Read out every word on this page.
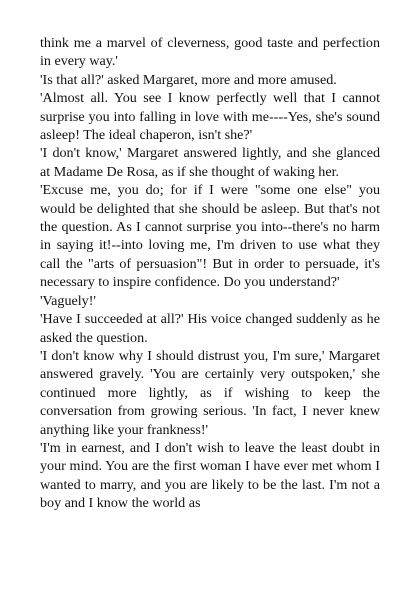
think me a marvel of cleverness, good taste and perfection in every way.'

'Is that all?' asked Margaret, more and more amused.

'Almost all. You see I know perfectly well that I cannot surprise you into falling in love with me----Yes, she's sound asleep! The ideal chaperon, isn't she?'

'I don't know,' Margaret answered lightly, and she glanced at Madame De Rosa, as if she thought of waking her.

'Excuse me, you do; for if I were "some one else" you would be delighted that she should be asleep. But that's not the question. As I cannot surprise you into--there's no harm in saying it!--into loving me, I'm driven to use what they call the "arts of persuasion"! But in order to persuade, it's necessary to inspire confidence. Do you understand?'

'Vaguely!'

'Have I succeeded at all?' His voice changed suddenly as he asked the question.

'I don't know why I should distrust you, I'm sure,' Margaret answered gravely. 'You are certainly very outspoken,' she continued more lightly, as if wishing to keep the conversation from growing serious. 'In fact, I never knew anything like your frankness!'

'I'm in earnest, and I don't wish to leave the least doubt in your mind. You are the first woman I have ever met whom I wanted to marry, and you are likely to be the last. I'm not a boy and I know the world as
